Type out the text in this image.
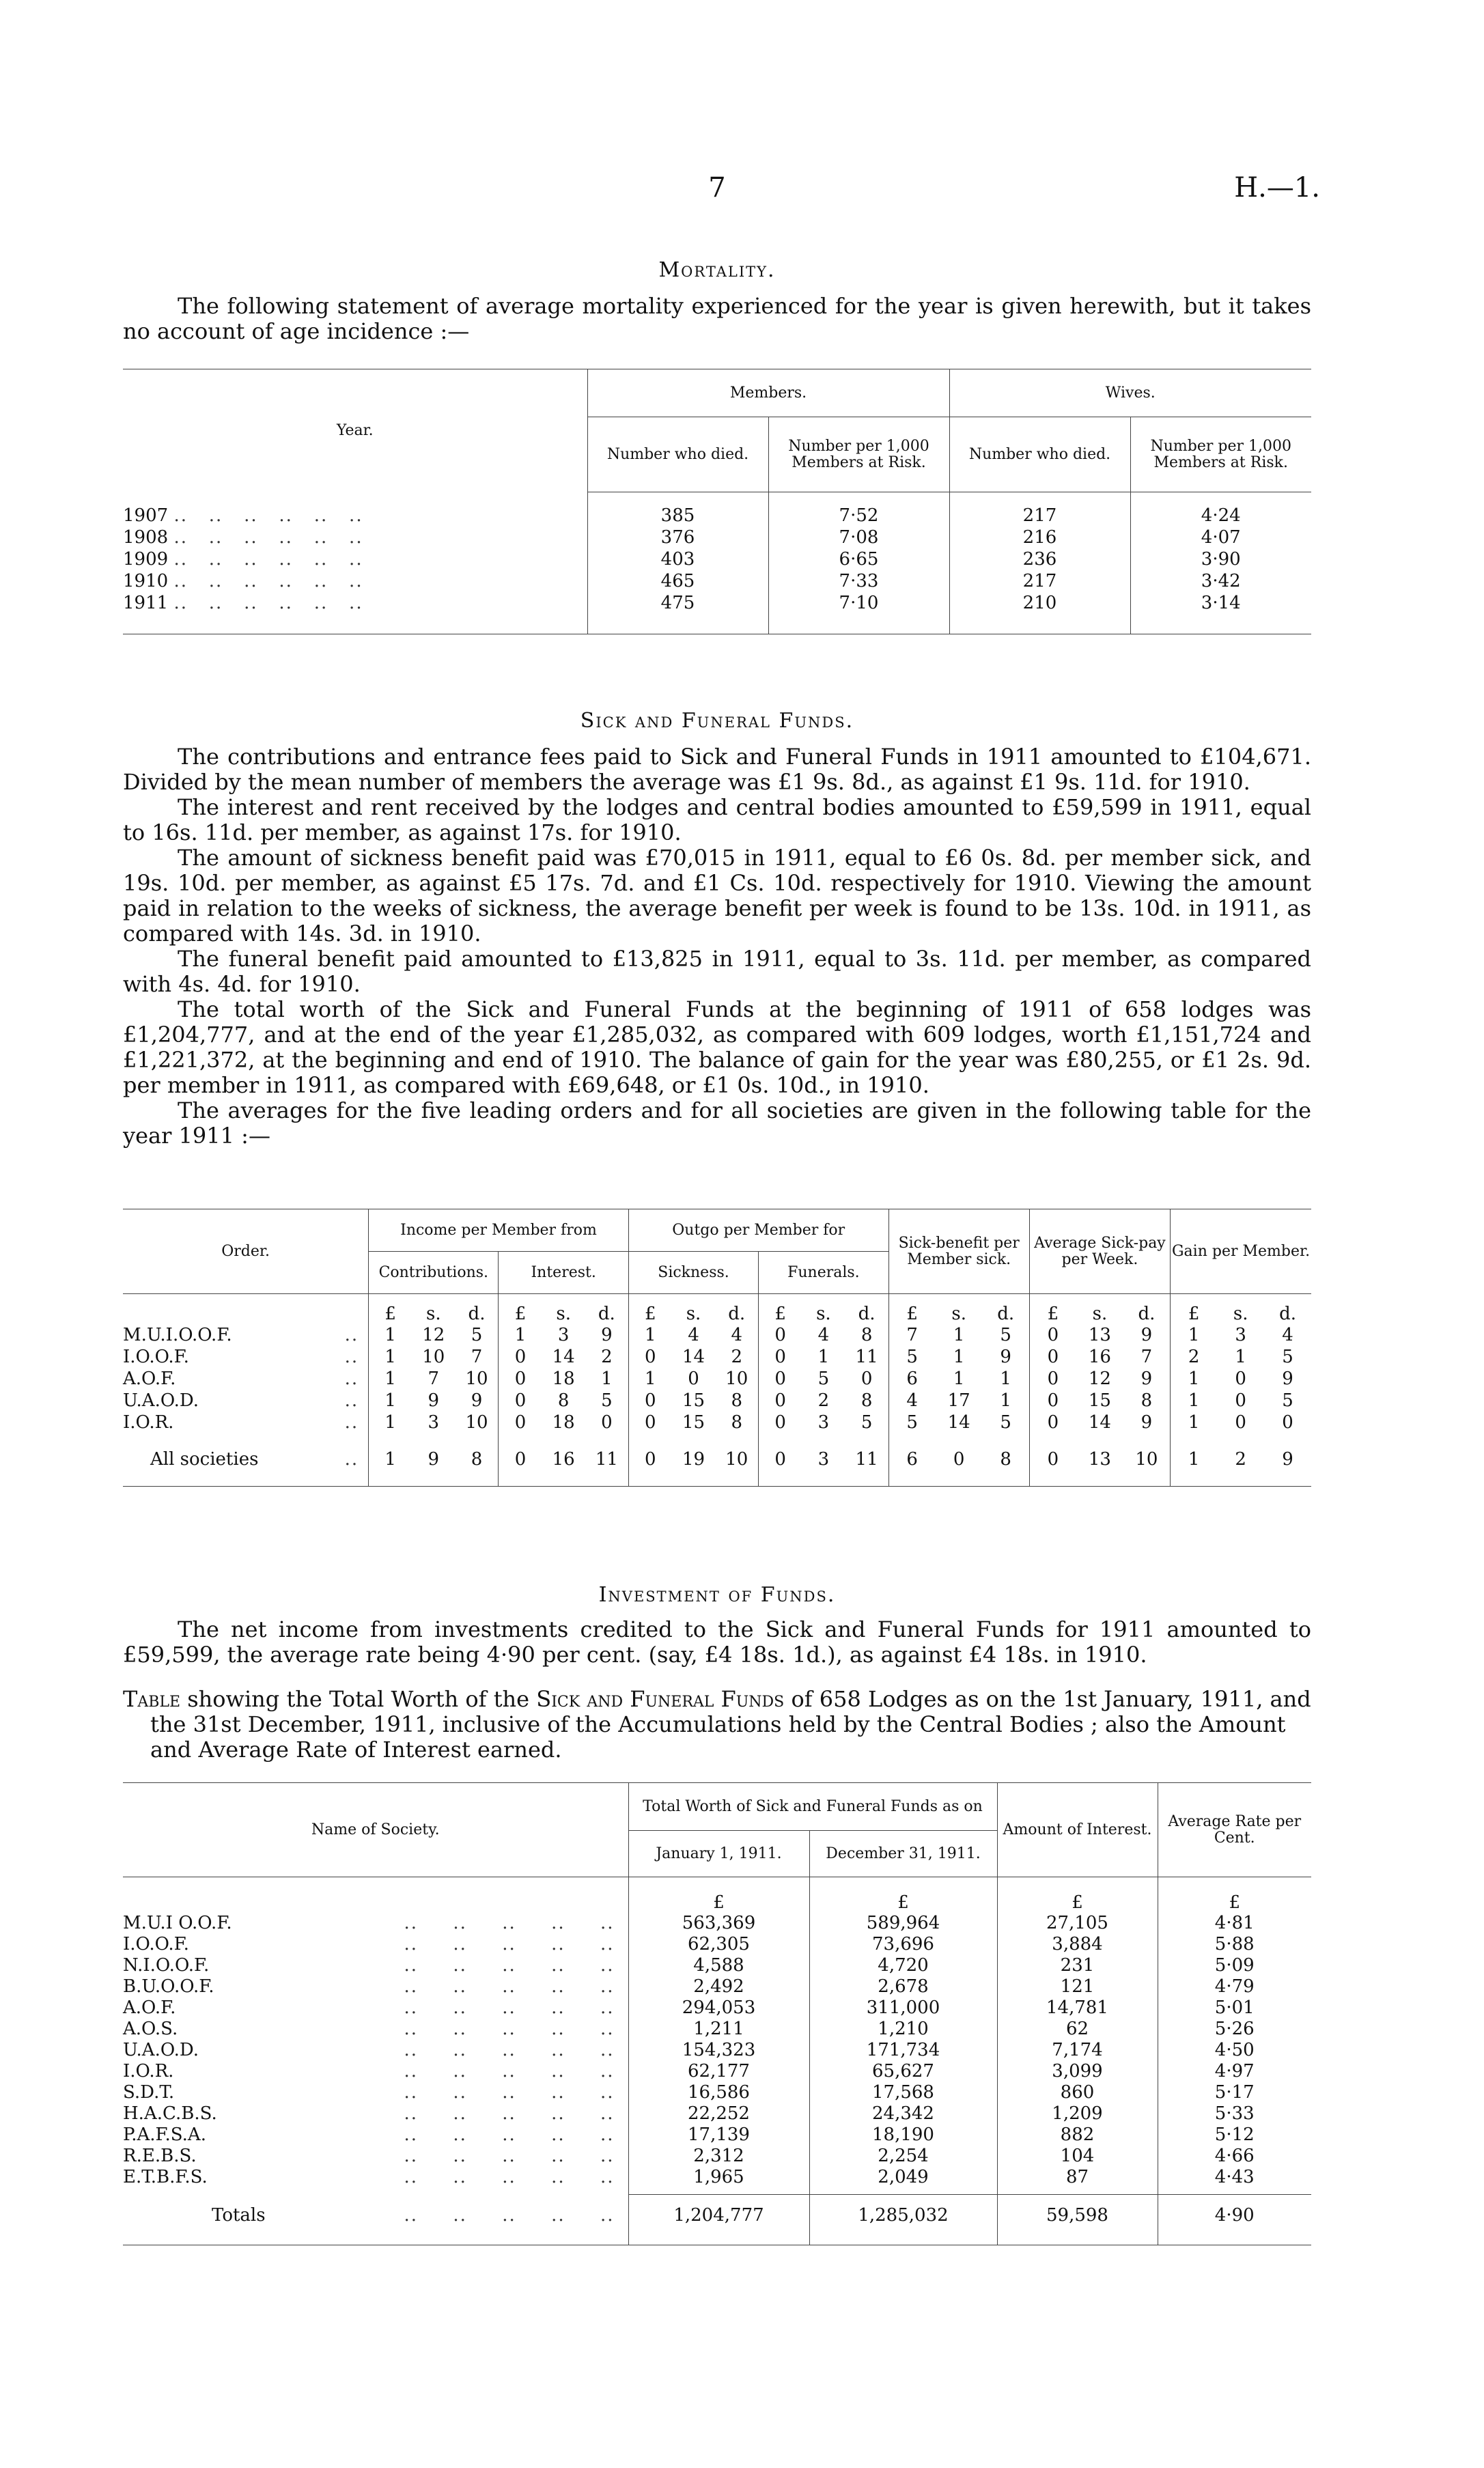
7	H.—1.
Mortality.

The following statement of average mortality experienced for the year is given herewith, but it takes no account of age incidence :—

Year.	Members.		Wives.	
	Number who died.	Number per 1,000 Members at Risk.	Number who died.	Number per 1,000 Members at Risk.

1907 ..   ..   ..   ..   ..   ..	385	7·52	217	4·24
1908 ..   ..   ..   ..   ..   ..	376	7·08	216	4·07
1909 ..   ..   ..   ..   ..   ..	403	6·65	236	3·90
1910 ..   ..   ..   ..   ..   ..	465	7·33	217	3·42
1911 ..   ..   ..   ..   ..   ..	475	7·10	210	3·14

Sick and Funeral Funds.

The contributions and entrance fees paid to Sick and Funeral Funds in 1911 amounted to £104,671. Divided by the mean number of members the average was £1 9s. 8d., as against £1 9s. 11d. for 1910.

The interest and rent received by the lodges and central bodies amounted to £59,599 in 1911, equal to 16s. 11d. per member, as against 17s. for 1910.

The amount of sickness benefit paid was £70,015 in 1911, equal to £6 0s. 8d. per member sick, and 19s. 10d. per member, as against £5 17s. 7d. and £1 Cs. 10d. respectively for 1910. Viewing the amount paid in relation to the weeks of sickness, the average benefit per week is found to be 13s. 10d. in 1911, as compared with 14s. 3d. in 1910.

The funeral benefit paid amounted to £13,825 in 1911, equal to 3s. 11d. per member, as compared with 4s. 4d. for 1910.

The total worth of the Sick and Funeral Funds at the beginning of 1911 of 658 lodges was £1,204,777, and at the end of the year £1,285,032, as compared with 609 lodges, worth £1,151,724 and £1,221,372, at the beginning and end of 1910. The balance of gain for the year was £80,255, or £1 2s. 9d. per member in 1911, as compared with £69,648, or £1 0s. 10d., in 1910.

The averages for the five leading orders and for all societies are given in the following table for the year 1911 :—

Order.	Income per Member from						Outgo per Member for						Sick-benefit per Member sick.			Average Sick-pay per Week.			Gain per Member.		
	Contributions.			Interest.			Sickness.			Funerals.											
	£	s.	d.	£	s.	d.	£	s.	d.	£	s.	d.	£	s.	d.	£	s.	d.	£	s.	d.
M.U.I.O.O.F. ..	1	12	5	1	3	9	1	4	4	0	4	8	7	1	5	0	13	9	1	3	4
I.O.O.F. ..	1	10	7	0	14	2	0	14	2	0	1	11	5	1	9	0	16	7	2	1	5
A.O.F. ..	1	7	10	0	18	1	1	0	10	0	5	0	6	1	1	0	12	9	1	0	9
U.A.O.D. ..	1	9	9	0	8	5	0	15	8	0	2	8	4	17	1	0	15	8	1	0	5
I.O.R. ..	1	3	10	0	18	0	0	15	8	0	3	5	5	14	5	0	14	9	1	0	0

All societies ..	1	9	8	0	16	11	0	19	10	0	3	11	6	0	8	0	13	10	1	2	9

Investment of Funds.

The net income from investments credited to the Sick and Funeral Funds for 1911 amounted to £59,599, the average rate being 4·90 per cent. (say, £4 18s. 1d.), as against £4 18s. in 1910.

Table showing the Total Worth of the Sick and Funeral Funds of 658 Lodges as on the 1st January, 1911, and the 31st December, 1911, inclusive of the Accumulations held by the Central Bodies ; also the Amount and Average Rate of Interest earned.
Name of Society.	Total Worth of Sick and Funeral Funds as on		Amount of Interest.	Average Rate per Cent.
	January 1, 1911.	December 31, 1911.		
	£	£	£	£
M.U.I O.O.F. ..     ..     ..     ..     ..	563,369	589,964	27,105	4·81
I.O.O.F. ..     ..     ..     ..     ..	62,305	73,696	3,884	5·88
N.I.O.O.F. ..     ..     ..     ..     ..	4,588	4,720	231	5·09
B.U.O.O.F. ..     ..     ..     ..     ..	2,492	2,678	121	4·79
A.O.F. ..     ..     ..     ..     ..	294,053	311,000	14,781	5·01
A.O.S. ..     ..     ..     ..     ..	1,211	1,210	62	5·26
U.A.O.D. ..     ..     ..     ..     ..	154,323	171,734	7,174	4·50
I.O.R. ..     ..     ..     ..     ..	62,177	65,627	3,099	4·97
S.D.T. ..     ..     ..     ..     ..	16,586	17,568	860	5·17
H.A.C.B.S. ..     ..     ..     ..     ..	22,252	24,342	1,209	5·33
P.A.F.S.A. ..     ..     ..     ..     ..	17,139	18,190	882	5·12
R.E.B.S. ..     ..     ..     ..     ..	2,312	2,254	104	4·66
E.T.B.F.S. ..     ..     ..     ..     ..	1,965	2,049	87	4·43

Totals ..     ..     ..     ..     ..	1,204,777	1,285,032	59,598	4·90
